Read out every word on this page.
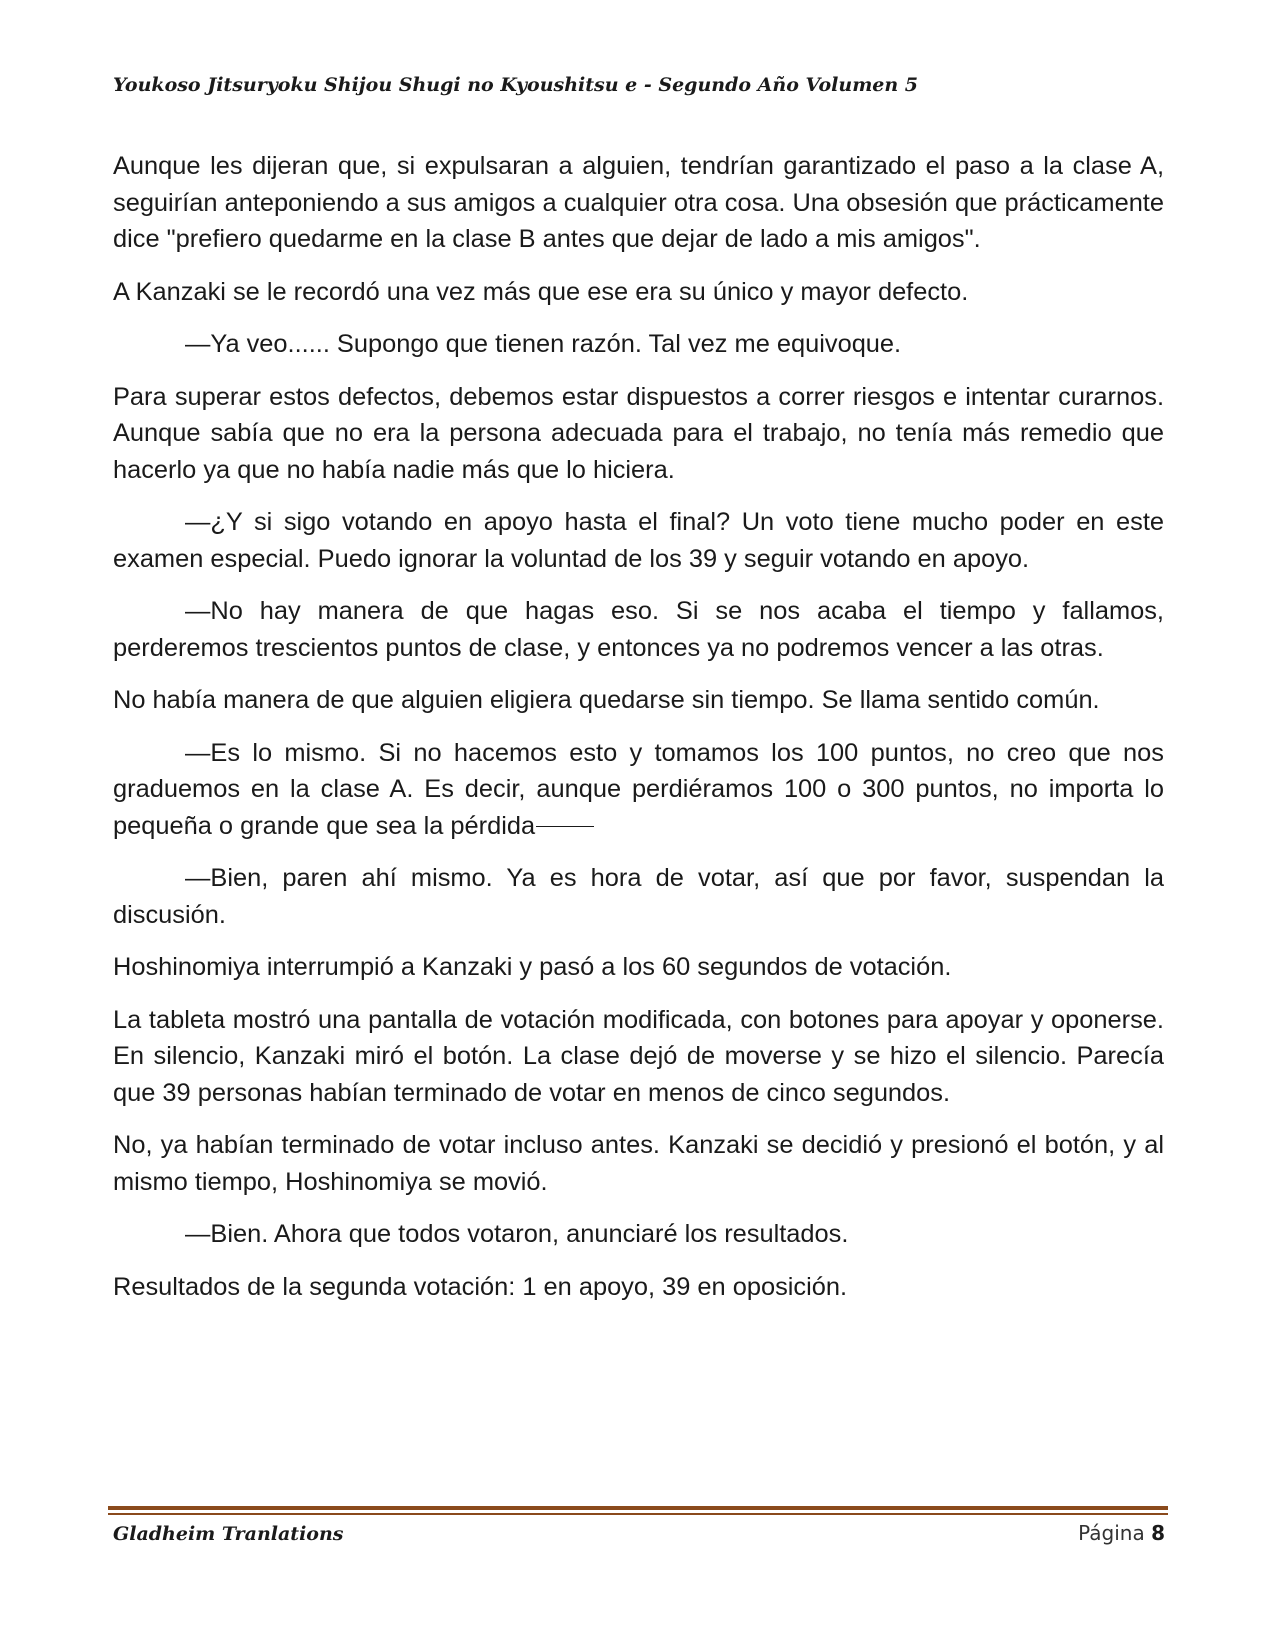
Youkoso Jitsuryoku Shijou Shugi no Kyoushitsu e - Segundo Año Volumen 5

Aunque les dijeran que, si expulsaran a alguien, tendrían garantizado el paso a la clase A, seguirían anteponiendo a sus amigos a cualquier otra cosa. Una obsesión que prácticamente dice "prefiero quedarme en la clase B antes que dejar de lado a mis amigos".

A Kanzaki se le recordó una vez más que ese era su único y mayor defecto.

—Ya veo...... Supongo que tienen razón. Tal vez me equivoque.

Para superar estos defectos, debemos estar dispuestos a correr riesgos e intentar curarnos. Aunque sabía que no era la persona adecuada para el trabajo, no tenía más remedio que hacerlo ya que no había nadie más que lo hiciera.

—¿Y si sigo votando en apoyo hasta el final? Un voto tiene mucho poder en este examen especial. Puedo ignorar la voluntad de los 39 y seguir votando en apoyo.

—No hay manera de que hagas eso. Si se nos acaba el tiempo y fallamos, perderemos trescientos puntos de clase, y entonces ya no podremos vencer a las otras.

No había manera de que alguien eligiera quedarse sin tiempo. Se llama sentido común.

—Es lo mismo. Si no hacemos esto y tomamos los 100 puntos, no creo que nos graduemos en la clase A. Es decir, aunque perdiéramos 100 o 300 puntos, no importa lo pequeña o grande que sea la pérdida

—Bien, paren ahí mismo. Ya es hora de votar, así que por favor, suspendan la discusión.

Hoshinomiya interrumpió a Kanzaki y pasó a los 60 segundos de votación.

La tableta mostró una pantalla de votación modificada, con botones para apoyar y oponerse. En silencio, Kanzaki miró el botón. La clase dejó de moverse y se hizo el silencio. Parecía que 39 personas habían terminado de votar en menos de cinco segundos.

No, ya habían terminado de votar incluso antes. Kanzaki se decidió y presionó el botón, y al mismo tiempo, Hoshinomiya se movió.

—Bien. Ahora que todos votaron, anunciaré los resultados.

Resultados de la segunda votación: 1 en apoyo, 39 en oposición.

Gladheim Tranlations	Página 8
